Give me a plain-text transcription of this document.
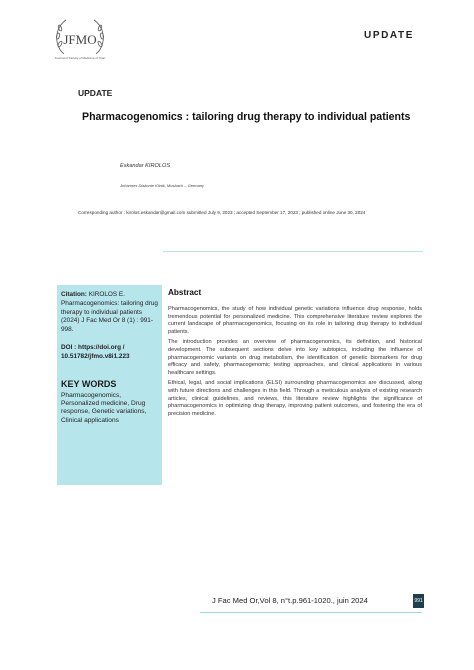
JFMO
Journal of Faculty of Medicine of Oran
UPDATE
UPDATE
Pharmacogenomics : tailoring drug therapy to individual patients
Eskandar KIROLOS
Johannes Diakonie Klinik, Mosbach – Germany
Corresponding author : kirolos.eskandar@gmail.com submitted July 9, 2023 ; accepted September 17, 2023 ; published online June 30, 2024
Citation: KIROLOS E. Pharmacogenomics: tailoring drug therapy to individual patients (2024) J Fac Med Or 8 (1) : 991-998.
DOI : https://doi.org / 10.51782/jfmo.v8i1.223
KEY WORDS
Pharmacogenomics, Personalized medicine, Drug response, Genetic variations, Clinical applications
Abstract

Pharmacogenomics, the study of how individual genetic variations influence drug response, holds tremendous potential for personalized medicine. This comprehensive literature review explores the current landscape of pharmacogenomics, focusing on its role in tailoring drug therapy to individual patients.

The introduction provides an overview of pharmacogenomics, its definition, and historical development. The subsequent sections delve into key subtopics, including the influence of pharmacogenomic variants on drug metabolism, the identification of genetic biomarkers for drug efficacy and safety, pharmacogenomic testing approaches, and clinical applications in various healthcare settings.

Ethical, legal, and social implications (ELSI) surrounding pharmacogenomics are discussed, along with future directions and challenges in this field. Through a meticulous analysis of existing research articles, clinical guidelines, and reviews, this literature review highlights the significance of pharmacogenomics in optimizing drug therapy, improving patient outcomes, and fostering the era of precision medicine.

J Fac Med Or,Vol 8, n°t.p.961-1020., juin 2024	991
